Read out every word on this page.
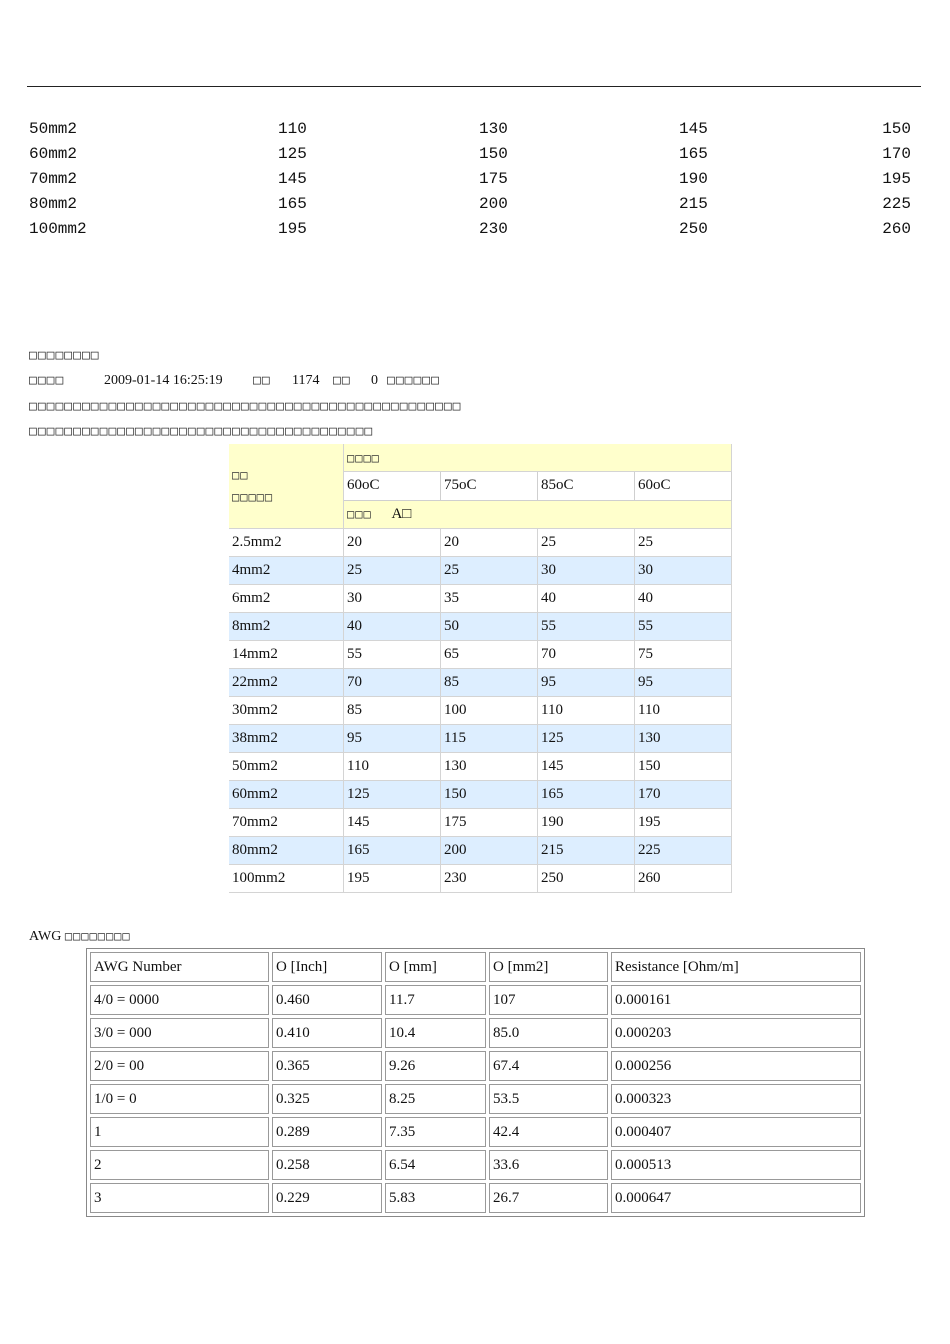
50mm2	110	130	145	150
60mm2	125	150	165	170
70mm2	145	175	190	195
80mm2	165	200	215	225
100mm2	195	230	250	260
□□□□□□□□
□□□□	2009-01-14 16:25:19 □□ 1174 □□ 0 □□□□□□
□□□□□□□□□□□□□□□□□□□□□□□□□□□□□□□□□□□□□□□□□□□□□□□□□
□□□□□□□□□□□□□□□□□□□□□□□□□□□□□□□□□□□□□□□
□□
□□□□□	□□□□			
	60oC	75oC	85oC	60oC
	□□□ A□			
2.5mm2	20	20	25	25
4mm2	25	25	30	30
6mm2	30	35	40	40
8mm2	40	50	55	55
14mm2	55	65	70	75
22mm2	70	85	95	95
30mm2	85	100	110	110
38mm2	95	115	125	130
50mm2	110	130	145	150
60mm2	125	150	165	170
70mm2	145	175	190	195
80mm2	165	200	215	225
100mm2	195	230	250	260
AWG □□□□□□□□
AWG Number	O [Inch]	O [mm]	O [mm2]	Resistance [Ohm/m]
4/0 = 0000	0.460	11.7	107	0.000161
3/0 = 000	0.410	10.4	85.0	0.000203
2/0 = 00	0.365	9.26	67.4	0.000256
1/0 = 0	0.325	8.25	53.5	0.000323
1	0.289	7.35	42.4	0.000407
2	0.258	6.54	33.6	0.000513
3	0.229	5.83	26.7	0.000647
